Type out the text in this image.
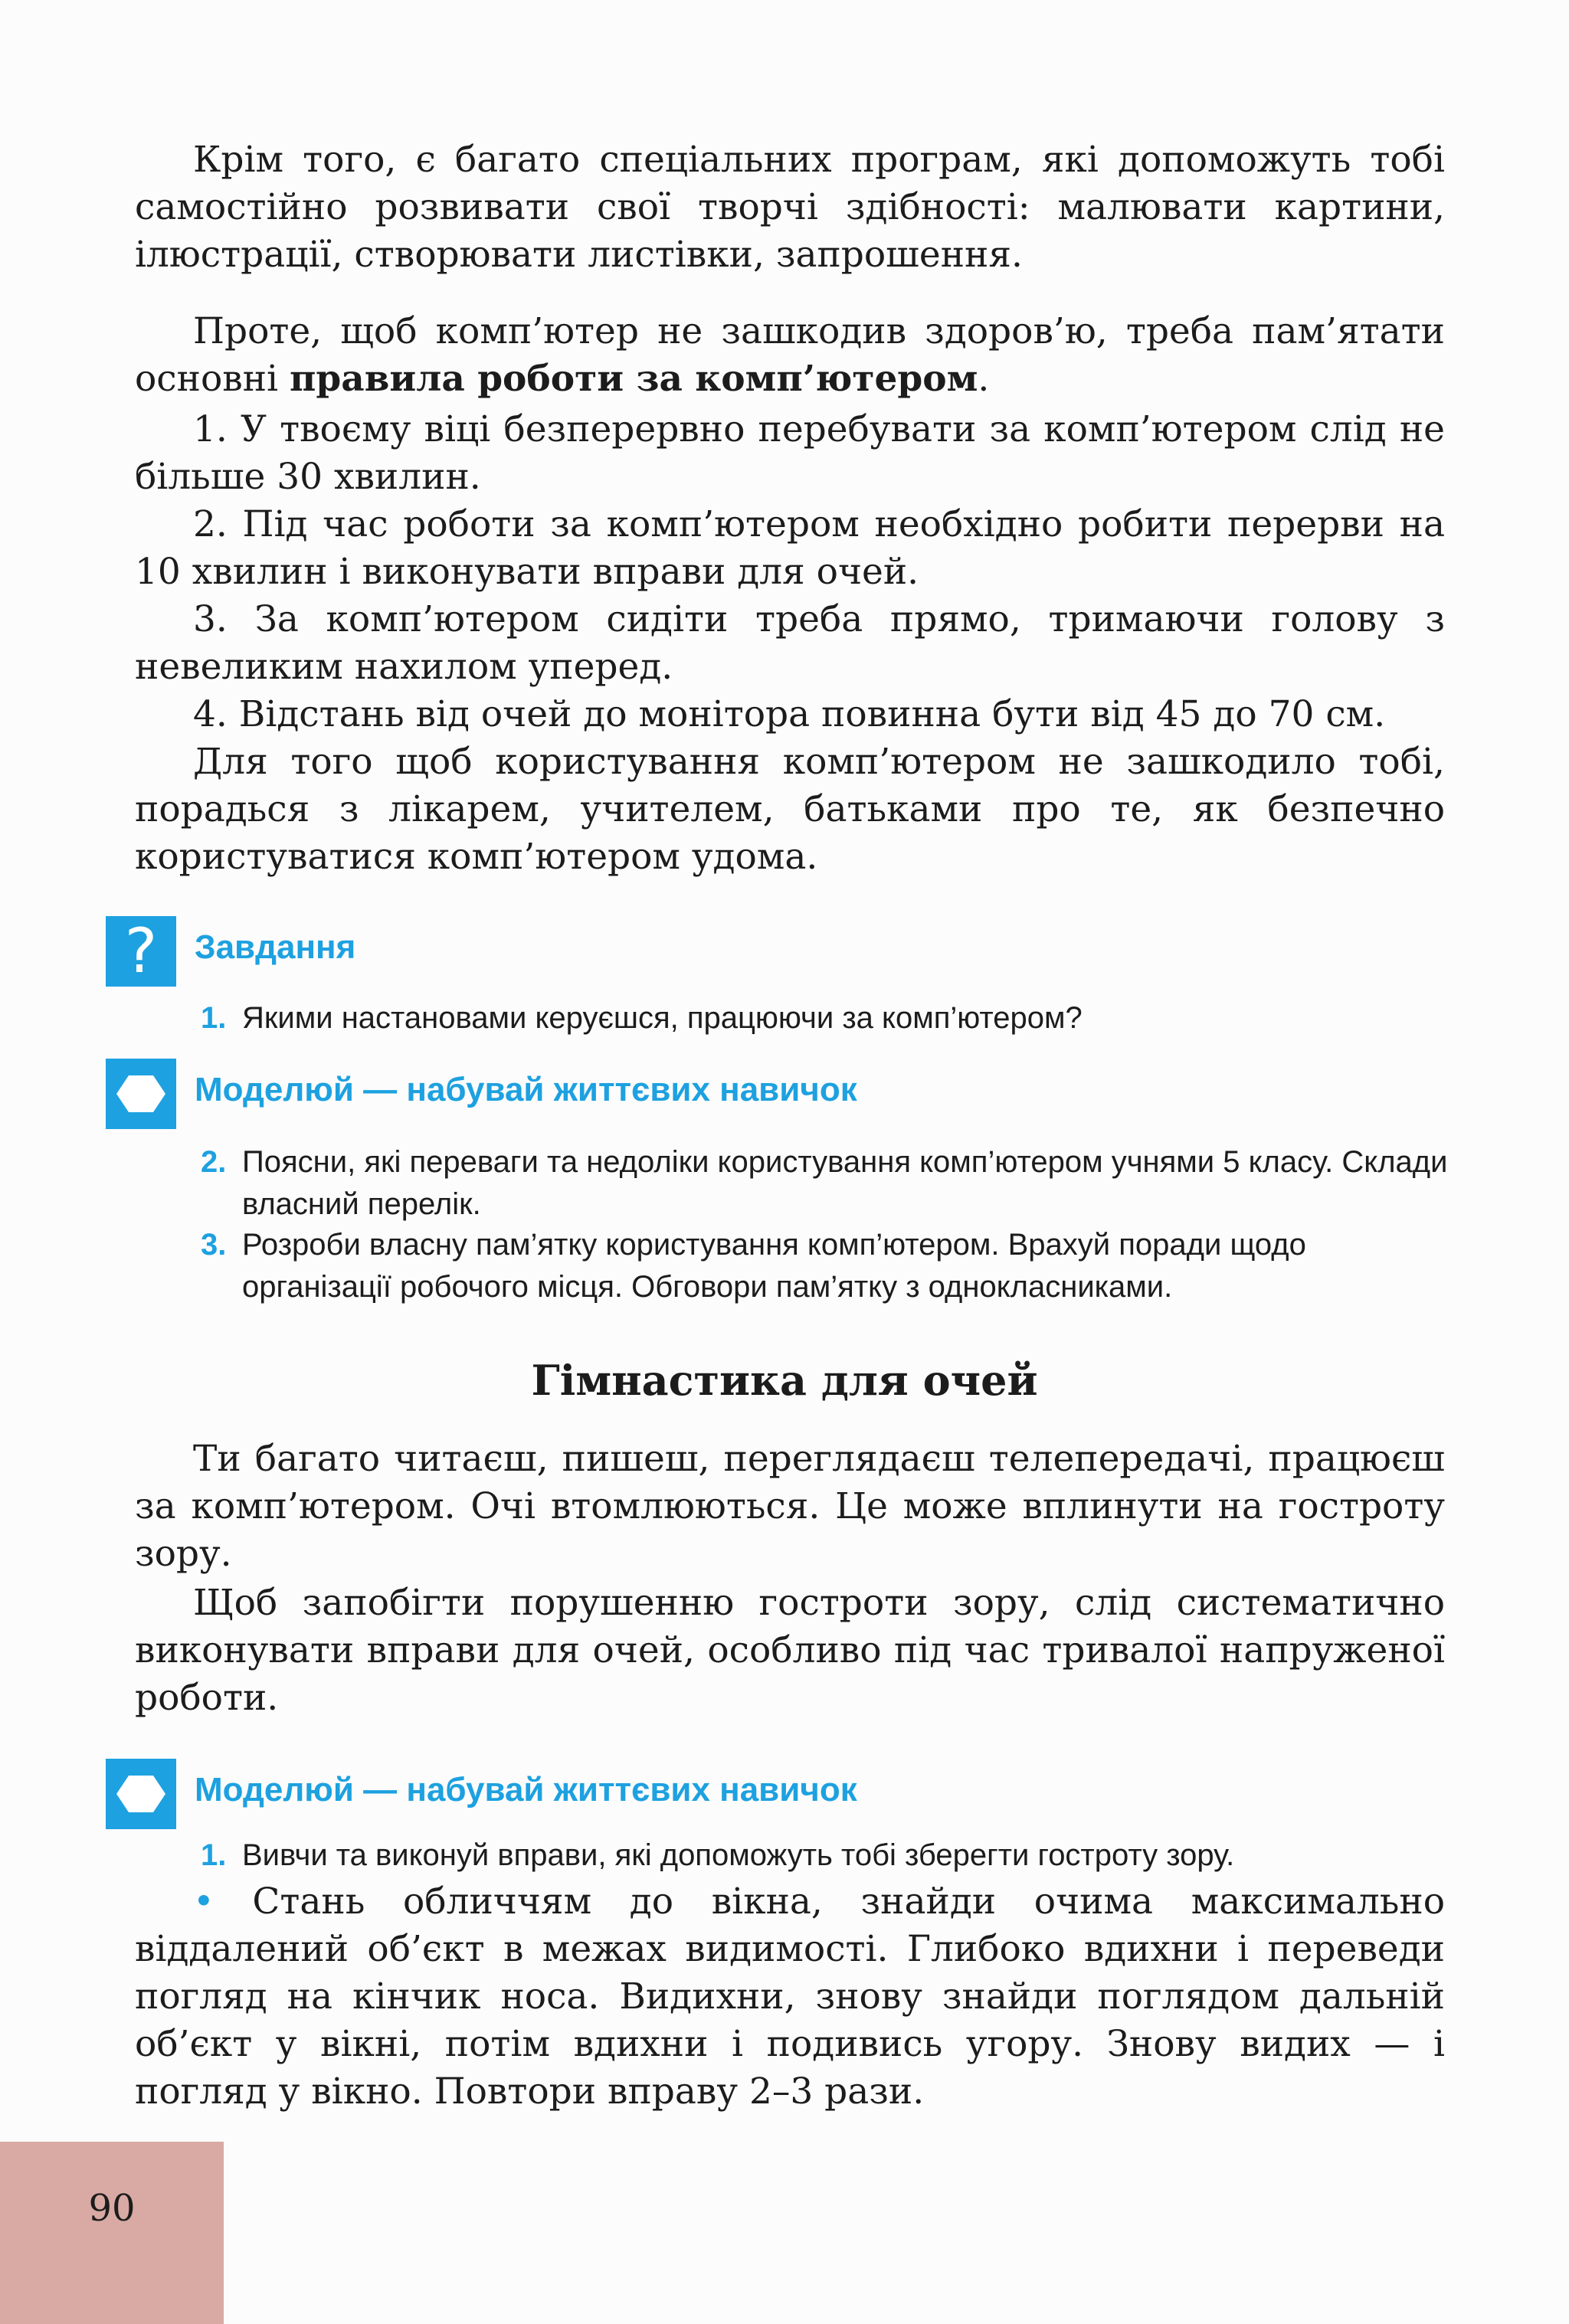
Крім того, є багато спеціальних програм, які допоможуть тобі самостійно розвивати свої творчі здібності: малювати картини, ілюстрації, створювати листівки, запрошення.

Проте, щоб комп’ютер не зашкодив здоров’ю, треба пам’ятати основні правила роботи за комп’ютером.

1. У твоєму віці безперервно перебувати за комп’ютером слід не більше 30 хвилин.

2. Під час роботи за комп’ютером необхідно робити перерви на 10 хвилин і виконувати вправи для очей.

3. За комп’ютером сидіти треба прямо, тримаючи голову з невеликим нахилом уперед.

4. Відстань від очей до монітора повинна бути від 45 до 70 см.

Для того щоб користування комп’ютером не зашкодило тобі, порадься з лікарем, учителем, батьками про те, як безпечно користуватися комп’ютером удома.

?	Завдання
1. Якими настановами керуєшся, працюючи за комп’ютером?
Моделюй — набувай життєвих навичок
2. Поясни, які переваги та недоліки користування комп’ютером учнями 5 класу. Склади власний перелік.
3. Розроби власну пам’ятку користування комп’ютером. Врахуй поради щодо організації робочого місця. Обговори пам’ятку з однокласниками.
Гімнастика для очей

Ти багато читаєш, пишеш, переглядаєш телепередачі, працюєш за комп’ютером. Очі втомлюються. Це може вплинути на гостроту зору.

Щоб запобігти порушенню гостроти зору, слід систематично виконувати вправи для очей, особливо під час тривалої напруженої роботи.

Моделюй — набувай життєвих навичок
1. Вивчи та виконуй вправи, які допоможуть тобі зберегти гостроту зору.

• Стань обличчям до вікна, знайди очима максимально віддалений об’єкт в межах видимості. Глибоко вдихни і переведи погляд на кінчик носа. Видихни, знову знайди поглядом дальній об’єкт у вікні, потім вдихни і подивись угору. Знову видих — і погляд у вікно. Повтори вправу 2–3 рази.

90
